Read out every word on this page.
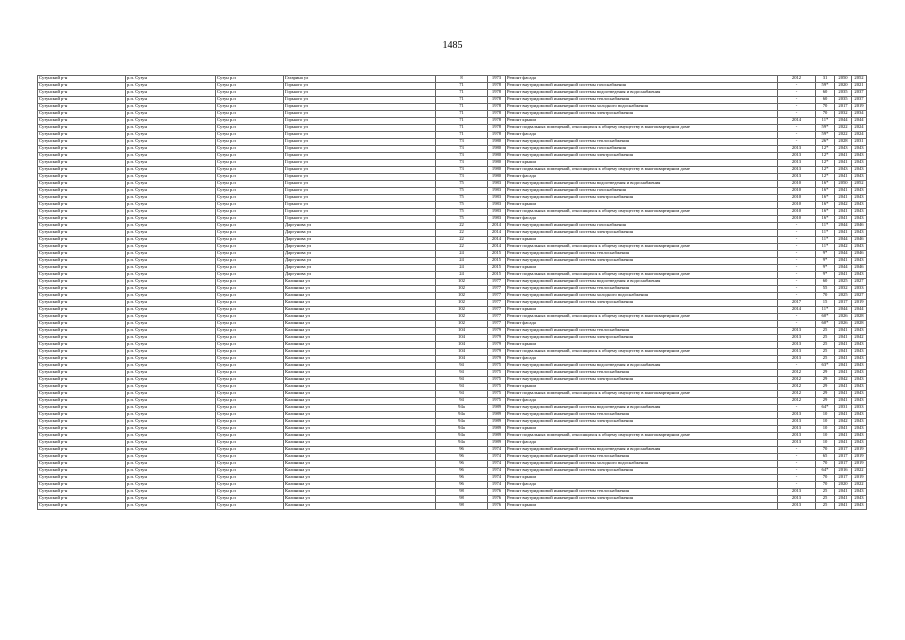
1485
Сузунский р-н	р.п. Сузун	Сузун р.п	Гагарина ул	8	1973	Ремонт фасада	2012	31	2050	2052
Сузунский р-н	р.п. Сузун	Сузун р.п	Горького ул	71	1978	Ремонт внутридомовой инженерной системы газоснабжения	-	59*	2020	2021
Сузунский р-н	р.п. Сузун	Сузун р.п	Горького ул	71	1978	Ремонт внутридомовой инженерной системы водоотведения и водоснабжения	-	60	2035	2037
Сузунский р-н	р.п. Сузун	Сузун р.п	Горького ул	71	1978	Ремонт внутридомовой инженерной системы теплоснабжения	-	60	2035	2037
Сузунский р-н	р.п. Сузун	Сузун р.п	Горького ул	71	1978	Ремонт внутридомовой инженерной системы холодного водоснабжения	-	70	2017	2019
Сузунский р-н	р.п. Сузун	Сузун р.п	Горького ул	71	1978	Ремонт внутридомовой инженерной системы электроснабжения	-	70	2032	2034
Сузунский р-н	р.п. Сузун	Сузун р.п	Горького ул	71	1978	Ремонт крыши	2014	11*	2044	2044
Сузунский р-н	р.п. Сузун	Сузун р.п	Горького ул	71	1978	Ремонт подвальных помещений, относящихся к общему имуществу в многоквартирном доме	-	59*	2022	2024
Сузунский р-н	р.п. Сузун	Сузун р.п	Горького ул	71	1978	Ремонт фасада	-	59*	2022	2024
Сузунский р-н	р.п. Сузун	Сузун р.п	Горького ул	73	1980	Ремонт внутридомовой инженерной системы теплоснабжения	-	26*	2028	2031
Сузунский р-н	р.п. Сузун	Сузун р.п	Горького ул	73	1980	Ремонт внутридомовой инженерной системы газоснабжения	2013	12*	2043	2043
Сузунский р-н	р.п. Сузун	Сузун р.п	Горького ул	73	1980	Ремонт внутридомовой инженерной системы электроснабжения	2013	12*	2041	2043
Сузунский р-н	р.п. Сузун	Сузун р.п	Горького ул	73	1980	Ремонт крыши	2013	12*	2041	2043
Сузунский р-н	р.п. Сузун	Сузун р.п	Горького ул	73	1980	Ремонт подвальных помещений, относящихся к общему имуществу в многоквартирном доме	2013	12*	2043	2043
Сузунский р-н	р.п. Сузун	Сузун р.п	Горького ул	73	1980	Ремонт фасада	2013	12*	2041	2043
Сузунский р-н	р.п. Сузун	Сузун р.п	Горького ул	75	1983	Ремонт внутридомовой инженерной системы водоотведения и водоснабжения	2010	16*	2050	2052
Сузунский р-н	р.п. Сузун	Сузун р.п	Горького ул	75	1983	Ремонт внутридомовой инженерной системы газоснабжения	2010	16*	2041	2043
Сузунский р-н	р.п. Сузун	Сузун р.п	Горького ул	75	1983	Ремонт внутридомовой инженерной системы электроснабжения	2010	16*	2041	2043
Сузунский р-н	р.п. Сузун	Сузун р.п	Горького ул	75	1983	Ремонт крыши	2010	16*	2042	2043
Сузунский р-н	р.п. Сузун	Сузун р.п	Горького ул	75	1983	Ремонт подвальных помещений, относящихся к общему имуществу в многоквартирном доме	2010	16*	2041	2043
Сузунский р-н	р.п. Сузун	Сузун р.п	Горького ул	75	1983	Ремонт фасада	2010	16*	2041	2043
Сузунский р-н	р.п. Сузун	Сузун р.п	Даргунова ул	22	2014	Ремонт внутридомовой инженерной системы газоснабжения	-	11*	2044	2046
Сузунский р-н	р.п. Сузун	Сузун р.п	Даргунова ул	22	2014	Ремонт внутридомовой инженерной системы электроснабжения	-	11*	2041	2043
Сузунский р-н	р.п. Сузун	Сузун р.п	Даргунова ул	22	2014	Ремонт крыши	-	11*	2044	2046
Сузунский р-н	р.п. Сузун	Сузун р.п	Даргунова ул	22	2014	Ремонт подвальных помещений, относящихся к общему имуществу в многоквартирном доме	-	11*	2042	2043
Сузунский р-н	р.п. Сузун	Сузун р.п	Даргунова ул	24	2015	Ремонт внутридомовой инженерной системы теплоснабжения	-	9*	2044	2046
Сузунский р-н	р.п. Сузун	Сузун р.п	Даргунова ул	24	2015	Ремонт внутридомовой инженерной системы электроснабжения	-	9*	2041	2043
Сузунский р-н	р.п. Сузун	Сузун р.п	Даргунова ул	24	2015	Ремонт крыши	-	9*	2044	2046
Сузунский р-н	р.п. Сузун	Сузун р.п	Даргунова ул	24	2015	Ремонт подвальных помещений, относящихся к общему имуществу в многоквартирном доме	-	9*	2041	2043
Сузунский р-н	р.п. Сузун	Сузун р.п	Калинина ул	102	1977	Ремонт внутридомовой инженерной системы водоотведения и водоснабжения	-	60	2025	2027
Сузунский р-н	р.п. Сузун	Сузун р.п	Калинина ул	102	1977	Ремонт внутридомовой инженерной системы теплоснабжения	-	55	2032	2033
Сузунский р-н	р.п. Сузун	Сузун р.п	Калинина ул	102	1977	Ремонт внутридомовой инженерной системы холодного водоснабжения	-	70	2025	2027
Сузунский р-н	р.п. Сузун	Сузун р.п	Калинина ул	102	1977	Ремонт внутридомовой инженерной системы электроснабжения	2017	15	2017	2019
Сузунский р-н	р.п. Сузун	Сузун р.п	Калинина ул	102	1977	Ремонт крыши	2014	11*	2044	2044
Сузунский р-н	р.п. Сузун	Сузун р.п	Калинина ул	102	1977	Ремонт подвальных помещений, относящихся к общему имуществу в многоквартирном доме	-	60*	2026	2028
Сузунский р-н	р.п. Сузун	Сузун р.п	Калинина ул	102	1977	Ремонт фасада	-	60*	2026	2028
Сузунский р-н	р.п. Сузун	Сузун р.п	Калинина ул	104	1979	Ремонт внутридомовой инженерной системы теплоснабжения	2013	25	2041	2043
Сузунский р-н	р.п. Сузун	Сузун р.п	Калинина ул	104	1979	Ремонт внутридомовой инженерной системы электроснабжения	2013	25	2041	2042
Сузунский р-н	р.п. Сузун	Сузун р.п	Калинина ул	104	1979	Ремонт крыши	2013	25	2041	2043
Сузунский р-н	р.п. Сузун	Сузун р.п	Калинина ул	104	1979	Ремонт подвальных помещений, относящихся к общему имуществу в многоквартирном доме	2013	25	2041	2043
Сузунский р-н	р.п. Сузун	Сузун р.п	Калинина ул	104	1979	Ремонт фасада	2013	25	2041	2043
Сузунский р-н	р.п. Сузун	Сузун р.п	Калинина ул	94	1975	Ремонт внутридомовой инженерной системы водоотведения и водоснабжения	-	63*	2041	2043
Сузунский р-н	р.п. Сузун	Сузун р.п	Калинина ул	94	1975	Ремонт внутридомовой инженерной системы теплоснабжения	2012	29	2041	2043
Сузунский р-н	р.п. Сузун	Сузун р.п	Калинина ул	94	1975	Ремонт внутридомовой инженерной системы электроснабжения	2012	29	2042	2043
Сузунский р-н	р.п. Сузун	Сузун р.п	Калинина ул	94	1975	Ремонт крыши	2012	29	2041	2043
Сузунский р-н	р.п. Сузун	Сузун р.п	Калинина ул	94	1975	Ремонт подвальных помещений, относящихся к общему имуществу в многоквартирном доме	2012	29	2041	2043
Сузунский р-н	р.п. Сузун	Сузун р.п	Калинина ул	94	1975	Ремонт фасада	2012	29	2041	2043
Сузунский р-н	р.п. Сузун	Сузун р.п	Калинина ул	94а	1989	Ремонт внутридомовой инженерной системы водоотведения и водоснабжения	-	64*	2031	2033
Сузунский р-н	р.п. Сузун	Сузун р.п	Калинина ул	94а	1989	Ремонт внутридомовой инженерной системы теплоснабжения	2013	10	2041	2043
Сузунский р-н	р.п. Сузун	Сузун р.п	Калинина ул	94а	1989	Ремонт внутридомовой инженерной системы электроснабжения	2013	10	2042	2043
Сузунский р-н	р.п. Сузун	Сузун р.п	Калинина ул	94а	1989	Ремонт крыши	2013	10	2041	2043
Сузунский р-н	р.п. Сузун	Сузун р.п	Калинина ул	94а	1989	Ремонт подвальных помещений, относящихся к общему имуществу в многоквартирном доме	2013	10	2041	2043
Сузунский р-н	р.п. Сузун	Сузун р.п	Калинина ул	94а	1989	Ремонт фасада	2013	10	2041	2043
Сузунский р-н	р.п. Сузун	Сузун р.п	Калинина ул	96	1974	Ремонт внутридомовой инженерной системы водоотведения и водоснабжения	-	70	2017	2019
Сузунский р-н	р.п. Сузун	Сузун р.п	Калинина ул	96	1974	Ремонт внутридомовой инженерной системы теплоснабжения	-	65	2017	2019
Сузунский р-н	р.п. Сузун	Сузун р.п	Калинина ул	96	1974	Ремонт внутридомовой инженерной системы холодного водоснабжения	-	70	2017	2019
Сузунский р-н	р.п. Сузун	Сузун р.п	Калинина ул	96	1974	Ремонт внутридомовой инженерной системы электроснабжения	-	64*	2016	2022
Сузунский р-н	р.п. Сузун	Сузун р.п	Калинина ул	96	1974	Ремонт крыши	-	70	2017	2019
Сузунский р-н	р.п. Сузун	Сузун р.п	Калинина ул	96	1974	Ремонт фасада	-	70	2020	2022
Сузунский р-н	р.п. Сузун	Сузун р.п	Калинина ул	98	1976	Ремонт внутридомовой инженерной системы теплоснабжения	2013	25	2041	2043
Сузунский р-н	р.п. Сузун	Сузун р.п	Калинина ул	98	1976	Ремонт внутридомовой инженерной системы электроснабжения	2013	25	2041	2043
Сузунский р-н	р.п. Сузун	Сузун р.п	Калинина ул	98	1976	Ремонт крыши	2013	25	2041	2043
